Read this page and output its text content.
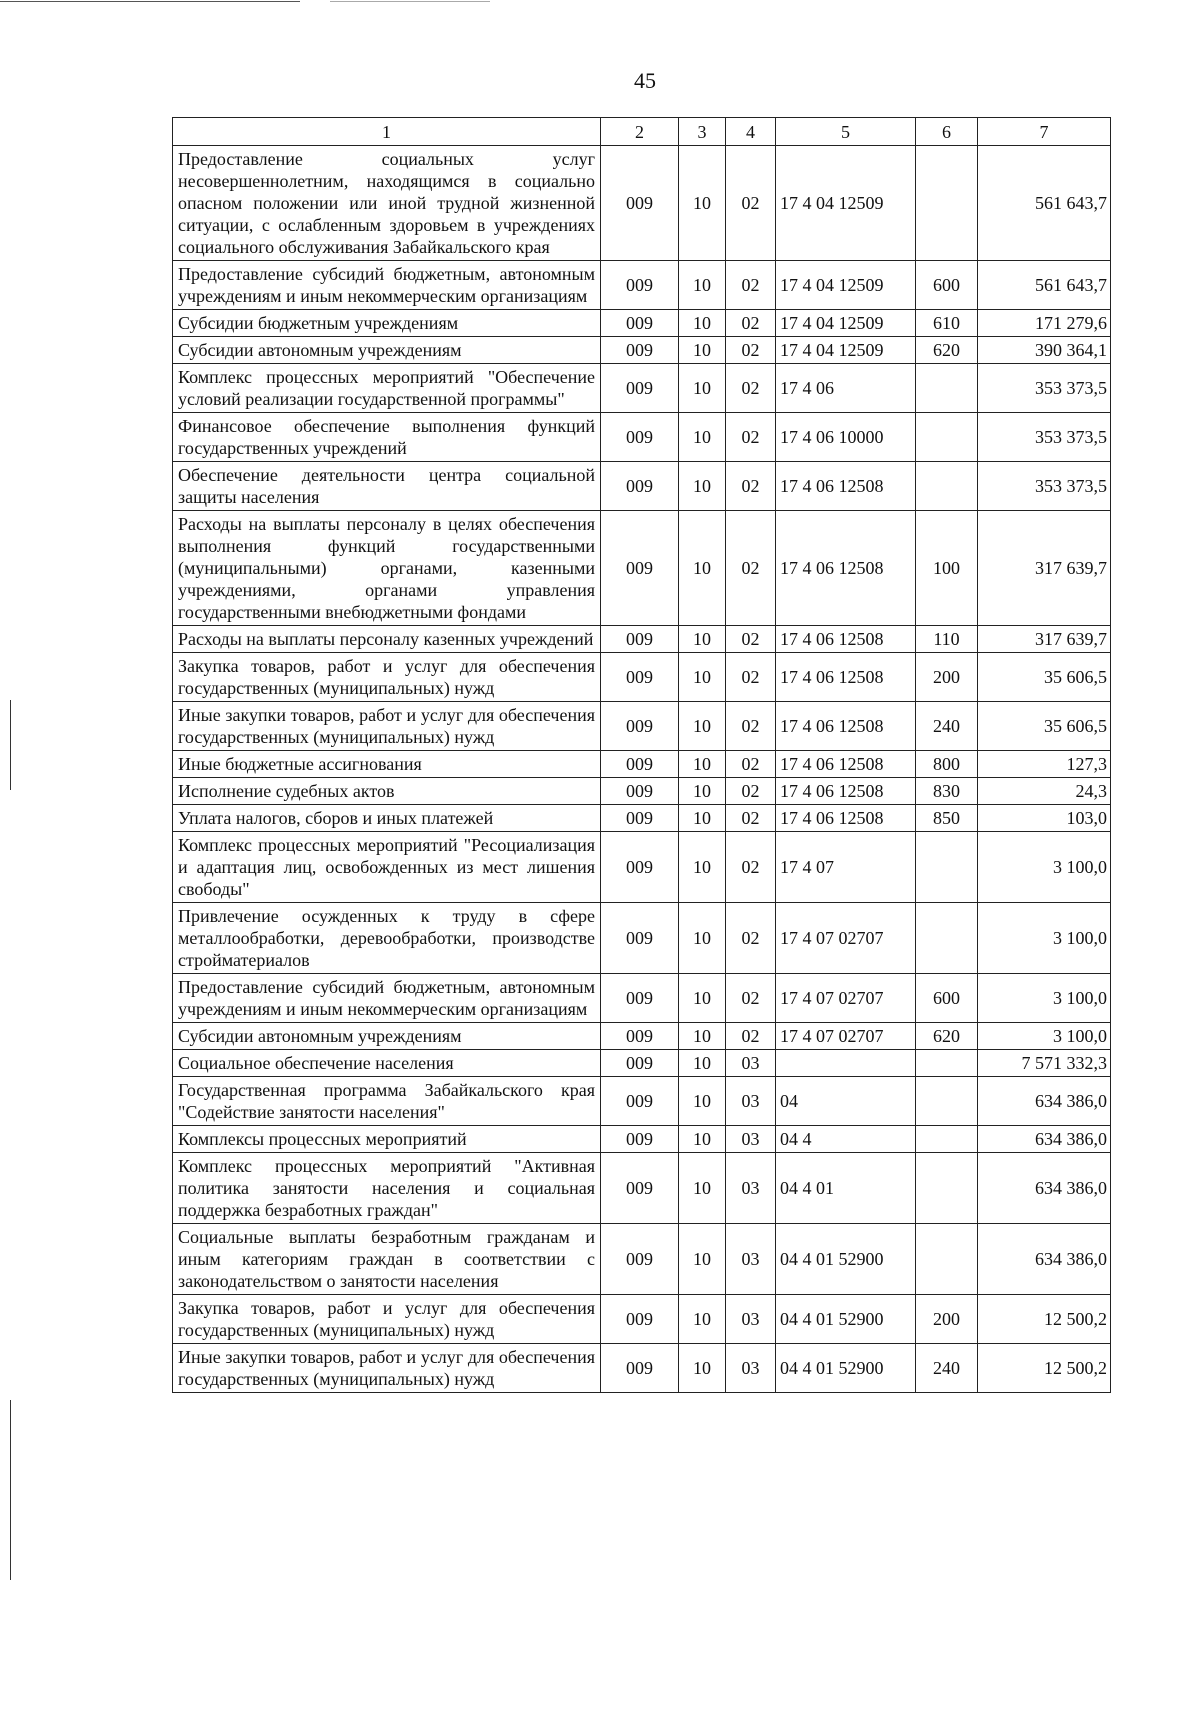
45
1	2	3	4	5	6	7
Предоставление социальных услуг несовершеннолетним, находящимся в социально опасном положении или иной трудной жизненной ситуации, с ослабленным здоровьем в учреждениях социального обслуживания Забайкальского края	009	10	02	17 4 04 12509		561 643,7
Предоставление субсидий бюджетным, автономным учреждениям и иным некоммерческим организациям	009	10	02	17 4 04 12509	600	561 643,7
Субсидии бюджетным учреждениям	009	10	02	17 4 04 12509	610	171 279,6
Субсидии автономным учреждениям	009	10	02	17 4 04 12509	620	390 364,1
Комплекс процессных мероприятий "Обеспечение условий реализации государственной программы"	009	10	02	17 4 06		353 373,5
Финансовое обеспечение выполнения функций государственных учреждений	009	10	02	17 4 06 10000		353 373,5
Обеспечение деятельности центра социальной защиты населения	009	10	02	17 4 06 12508		353 373,5
Расходы на выплаты персоналу в целях обеспечения выполнения функций государственными (муниципальными) органами, казенными учреждениями, органами управления государственными внебюджетными фондами	009	10	02	17 4 06 12508	100	317 639,7
Расходы на выплаты персоналу казенных учреждений	009	10	02	17 4 06 12508	110	317 639,7
Закупка товаров, работ и услуг для обеспечения государственных (муниципальных) нужд	009	10	02	17 4 06 12508	200	35 606,5
Иные закупки товаров, работ и услуг для обеспечения государственных (муниципальных) нужд	009	10	02	17 4 06 12508	240	35 606,5
Иные бюджетные ассигнования	009	10	02	17 4 06 12508	800	127,3
Исполнение судебных актов	009	10	02	17 4 06 12508	830	24,3
Уплата налогов, сборов и иных платежей	009	10	02	17 4 06 12508	850	103,0
Комплекс процессных мероприятий "Ресоциализация и адаптация лиц, освобожденных из мест лишения свободы"	009	10	02	17 4 07		3 100,0
Привлечение осужденных к труду в сфере металлообработки, деревообработки, производстве стройматериалов	009	10	02	17 4 07 02707		3 100,0
Предоставление субсидий бюджетным, автономным учреждениям и иным некоммерческим организациям	009	10	02	17 4 07 02707	600	3 100,0
Субсидии автономным учреждениям	009	10	02	17 4 07 02707	620	3 100,0
Социальное обеспечение населения	009	10	03			7 571 332,3
Государственная программа Забайкальского края "Содействие занятости населения"	009	10	03	04		634 386,0
Комплексы процессных мероприятий	009	10	03	04 4		634 386,0
Комплекс процессных мероприятий "Активная политика занятости населения и социальная поддержка безработных граждан"	009	10	03	04 4 01		634 386,0
Социальные выплаты безработным гражданам и иным категориям граждан в соответствии с законодательством о занятости населения	009	10	03	04 4 01 52900		634 386,0
Закупка товаров, работ и услуг для обеспечения государственных (муниципальных) нужд	009	10	03	04 4 01 52900	200	12 500,2
Иные закупки товаров, работ и услуг для обеспечения государственных (муниципальных) нужд	009	10	03	04 4 01 52900	240	12 500,2
